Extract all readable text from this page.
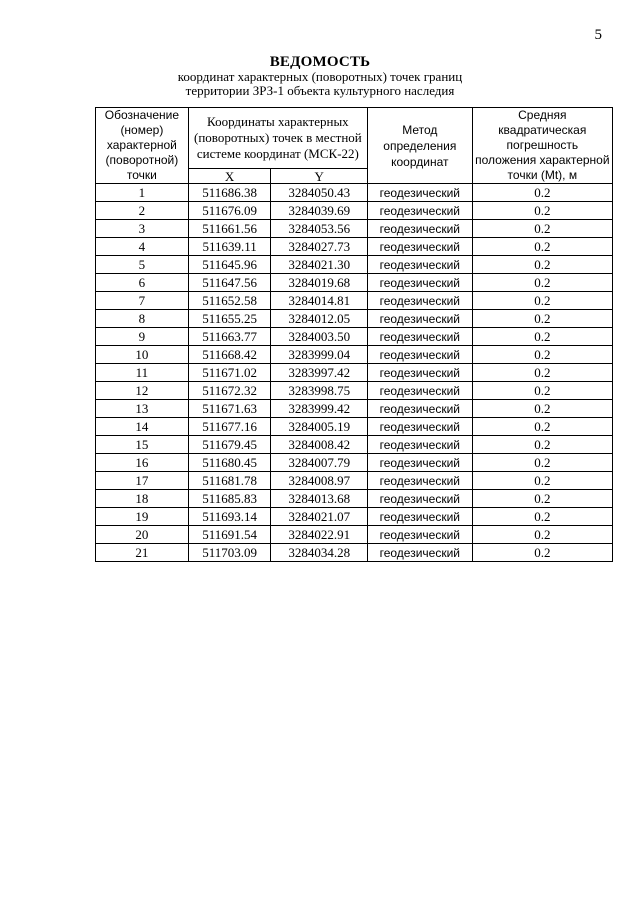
5
ВЕДОМОСТЬ
координат характерных (поворотных) точек границ
территории ЗРЗ-1 объекта культурного наследия
Обозначение (номер) характерной (поворотной) точки	Координаты характерных (поворотных) точек в местной системе координат (МСК-22)		Метод определения координат	Средняя квадратическая погрешность положения характерной точки (Mt), м
	X	Y		
1	511686.38	3284050.43	геодезический	0.2
2	511676.09	3284039.69	геодезический	0.2
3	511661.56	3284053.56	геодезический	0.2
4	511639.11	3284027.73	геодезический	0.2
5	511645.96	3284021.30	геодезический	0.2
6	511647.56	3284019.68	геодезический	0.2
7	511652.58	3284014.81	геодезический	0.2
8	511655.25	3284012.05	геодезический	0.2
9	511663.77	3284003.50	геодезический	0.2
10	511668.42	3283999.04	геодезический	0.2
11	511671.02	3283997.42	геодезический	0.2
12	511672.32	3283998.75	геодезический	0.2
13	511671.63	3283999.42	геодезический	0.2
14	511677.16	3284005.19	геодезический	0.2
15	511679.45	3284008.42	геодезический	0.2
16	511680.45	3284007.79	геодезический	0.2
17	511681.78	3284008.97	геодезический	0.2
18	511685.83	3284013.68	геодезический	0.2
19	511693.14	3284021.07	геодезический	0.2
20	511691.54	3284022.91	геодезический	0.2
21	511703.09	3284034.28	геодезический	0.2
